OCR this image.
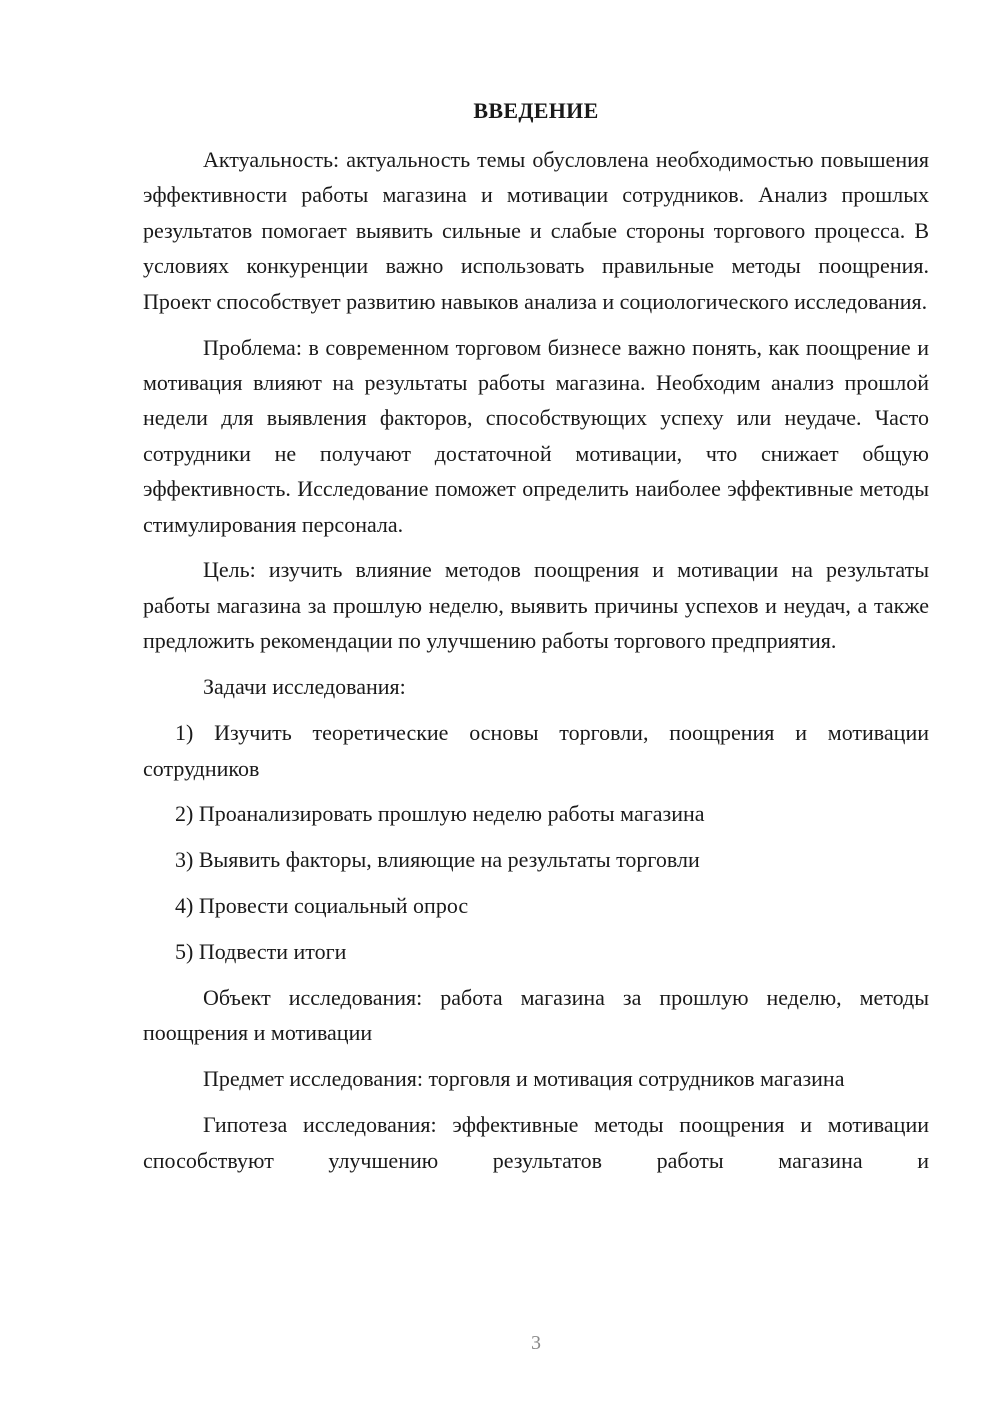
ВВЕДЕНИЕ

Актуальность: актуальность темы обусловлена необходимостью повышения эффективности работы магазина и мотивации сотрудников. Анализ прошлых результатов помогает выявить сильные и слабые стороны торгового процесса. В условиях конкуренции важно использовать правильные методы поощрения. Проект способствует развитию навыков анализа и социологического исследования.

Проблема: в современном торговом бизнесе важно понять, как поощрение и мотивация влияют на результаты работы магазина. Необходим анализ прошлой недели для выявления факторов, способствующих успеху или неудаче. Часто сотрудники не получают достаточной мотивации, что снижает общую эффективность. Исследование поможет определить наиболее эффективные методы стимулирования персонала.

Цель: изучить влияние методов поощрения и мотивации на результаты работы магазина за прошлую неделю, выявить причины успехов и неудач, а также предложить рекомендации по улучшению работы торгового предприятия.

Задачи исследования:

1) Изучить теоретические основы торговли, поощрения и мотивации сотрудников

2) Проанализировать прошлую неделю работы магазина

3) Выявить факторы, влияющие на результаты торговли

4) Провести социальный опрос

5) Подвести итоги

Объект исследования: работа магазина за прошлую неделю, методы поощрения и мотивации

Предмет исследования: торговля и мотивация сотрудников магазина

Гипотеза исследования: эффективные методы поощрения и мотивации способствуют улучшению результатов работы магазина и

3
